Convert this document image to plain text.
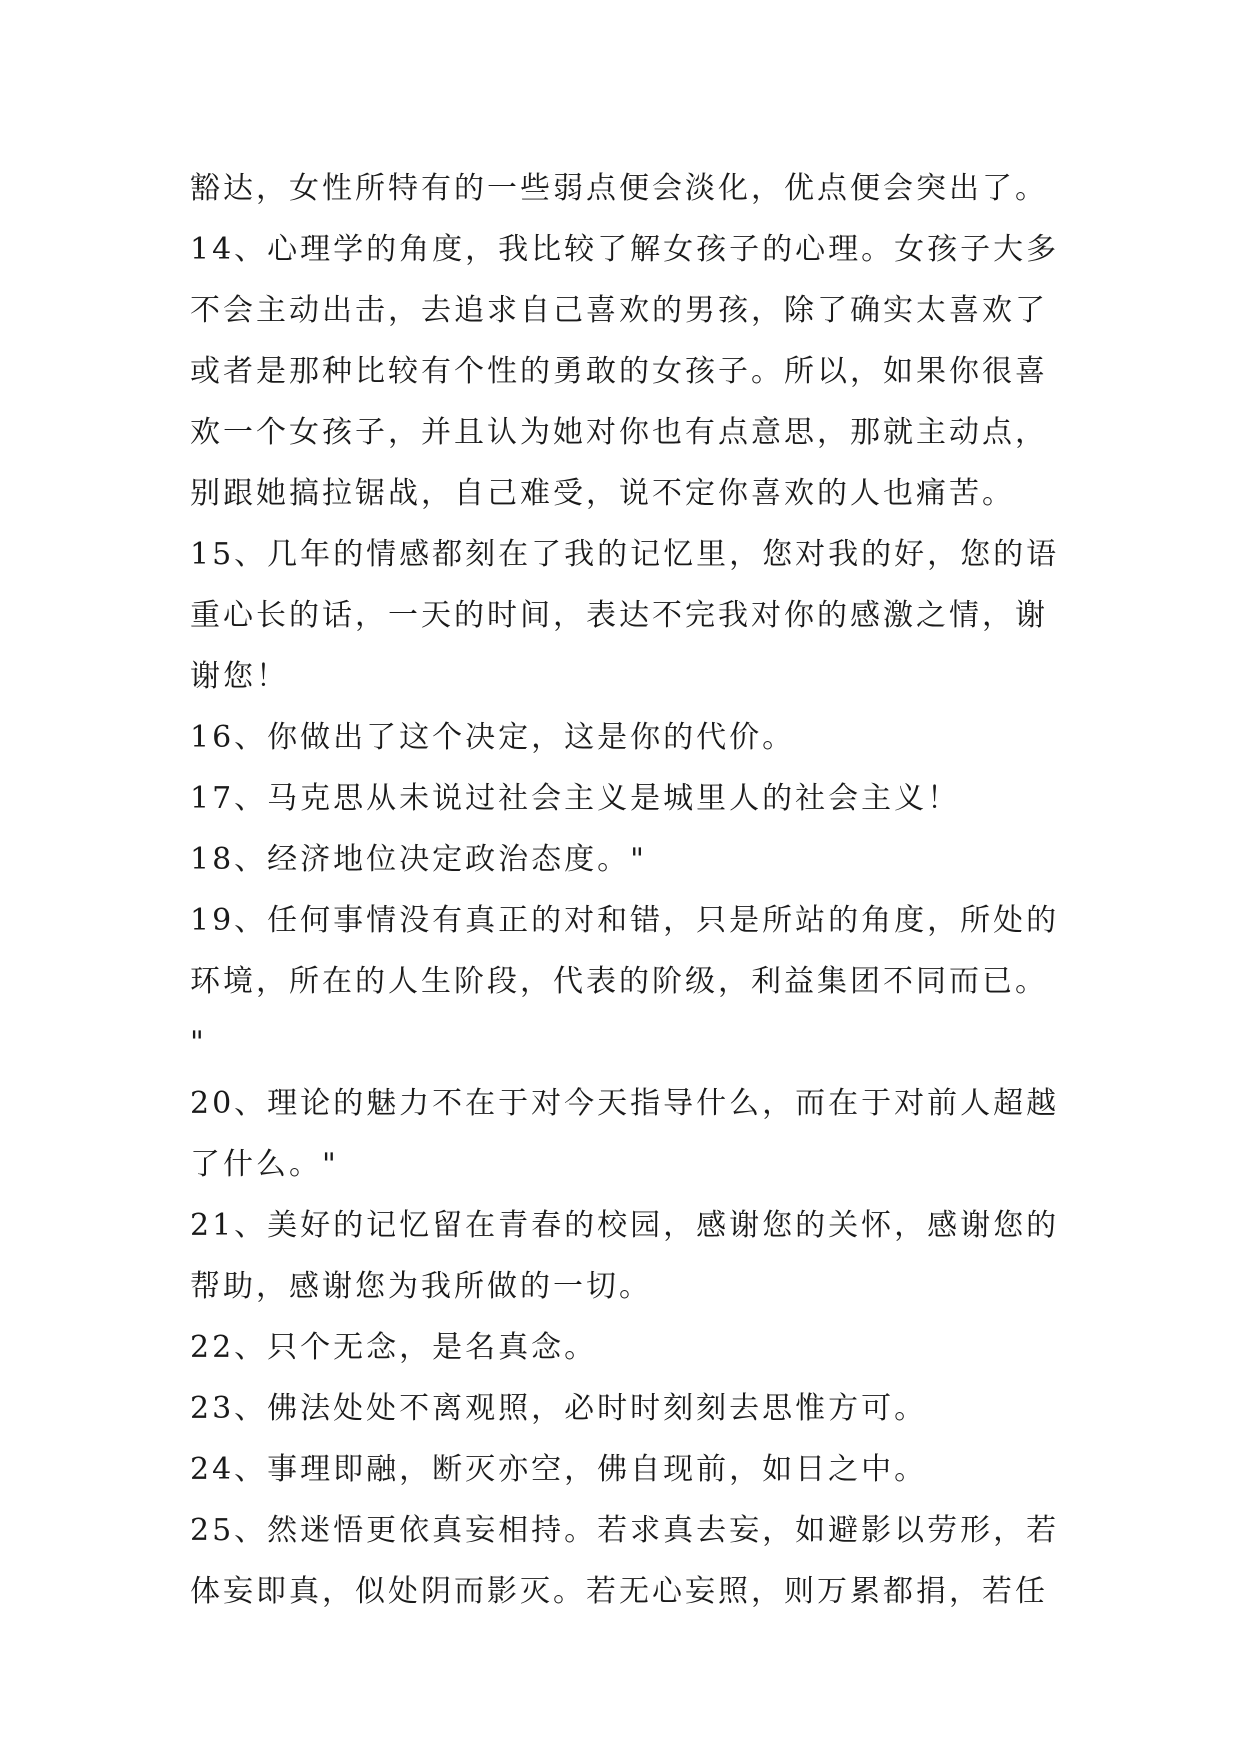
豁达，女性所特有的一些弱点便会淡化，优点便会突出了。
14、心理学的角度，我比较了解女孩子的心理。女孩子大多
不会主动出击，去追求自己喜欢的男孩，除了确实太喜欢了
或者是那种比较有个性的勇敢的女孩子。所以，如果你很喜
欢一个女孩子，并且认为她对你也有点意思，那就主动点，
别跟她搞拉锯战，自己难受，说不定你喜欢的人也痛苦。
15、几年的情感都刻在了我的记忆里，您对我的好，您的语
重心长的话，一天的时间，表达不完我对你的感激之情，谢
谢您！
16、你做出了这个决定，这是你的代价。
17、马克思从未说过社会主义是城里人的社会主义！
18、经济地位决定政治态度。"
19、任何事情没有真正的对和错，只是所站的角度，所处的
环境，所在的人生阶段，代表的阶级，利益集团不同而已。
"
20、理论的魅力不在于对今天指导什么，而在于对前人超越
了什么。"
21、美好的记忆留在青春的校园，感谢您的关怀，感谢您的
帮助，感谢您为我所做的一切。
22、只个无念，是名真念。
23、佛法处处不离观照，必时时刻刻去思惟方可。
24、事理即融，断灭亦空，佛自现前，如日之中。
25、然迷悟更依真妄相持。若求真去妄，如避影以劳形，若
体妄即真，似处阴而影灭。若无心妄照，则万累都捐，若任
